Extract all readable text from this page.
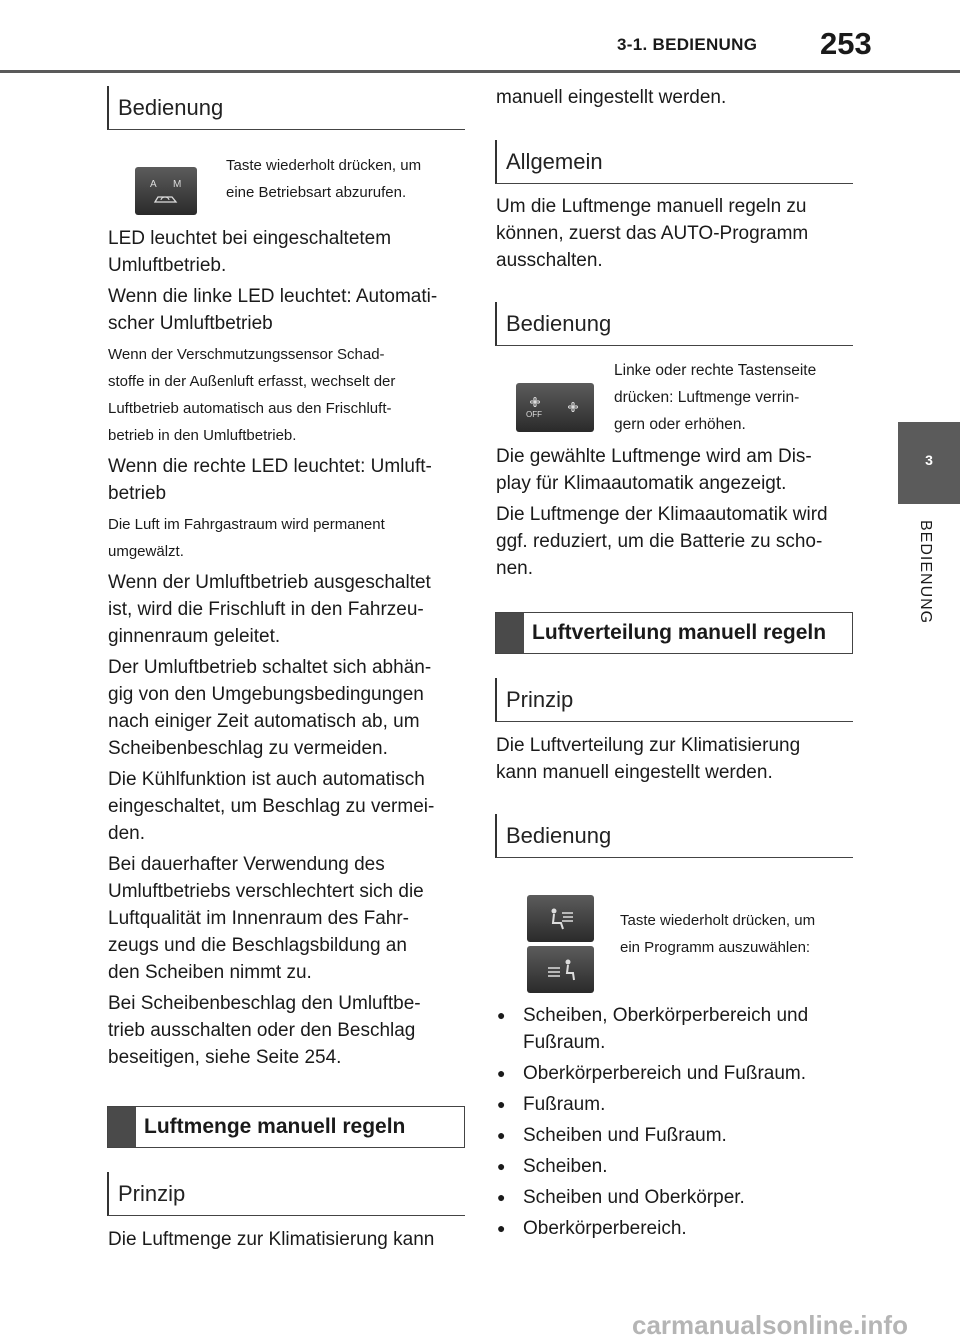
3-1. BEDIENUNG 253
3
BEDIENUNG
Bedienung
A M
Taste wiederholt drücken, um
eine Betriebsart abzurufen.
LED leuchtet bei eingeschaltetem
Umluftbetrieb.
Wenn die linke LED leuchtet: Automati-
scher Umluftbetrieb
Wenn der Verschmutzungssensor Schad-
stoffe in der Außenluft erfasst, wechselt der
Luftbetrieb automatisch aus den Frischluft-
betrieb in den Umluftbetrieb.
Wenn die rechte LED leuchtet: Umluft-
betrieb
Die Luft im Fahrgastraum wird permanent
umgewälzt.
Wenn der Umluftbetrieb ausgeschaltet
ist, wird die Frischluft in den Fahrzeu-
ginnenraum geleitet.
Der Umluftbetrieb schaltet sich abhän-
gig von den Umgebungsbedingungen
nach einiger Zeit automatisch ab, um
Scheibenbeschlag zu vermeiden.
Die Kühlfunktion ist auch automatisch
eingeschaltet, um Beschlag zu vermei-
den.
Bei dauerhafter Verwendung des
Umluftbetriebs verschlechtert sich die
Luftqualität im Innenraum des Fahr-
zeugs und die Beschlagsbildung an
den Scheiben nimmt zu.
Bei Scheibenbeschlag den Umluftbe-
trieb ausschalten oder den Beschlag
beseitigen, siehe Seite 254.
Luftmenge manuell regeln
Prinzip
Die Luftmenge zur Klimatisierung kann
manuell eingestellt werden.
Allgemein
Um die Luftmenge manuell regeln zu
können, zuerst das AUTO-Programm
ausschalten.
Bedienung
OFF
Linke oder rechte Tastenseite
drücken: Luftmenge verrin-
gern oder erhöhen.
Die gewählte Luftmenge wird am Dis-
play für Klimaautomatik angezeigt.
Die Luftmenge der Klimaautomatik wird
ggf. reduziert, um die Batterie zu scho-
nen.
Luftverteilung manuell regeln
Prinzip
Die Luftverteilung zur Klimatisierung
kann manuell eingestellt werden.
Bedienung
Taste wiederholt drücken, um
ein Programm auszuwählen:
● Scheiben, Oberkörperbereich und Fußraum.
● Oberkörperbereich und Fußraum.
● Fußraum.
● Scheiben und Fußraum.
● Scheiben.
● Scheiben und Oberkörper.
● Oberkörperbereich.
carmanualsonline.info
